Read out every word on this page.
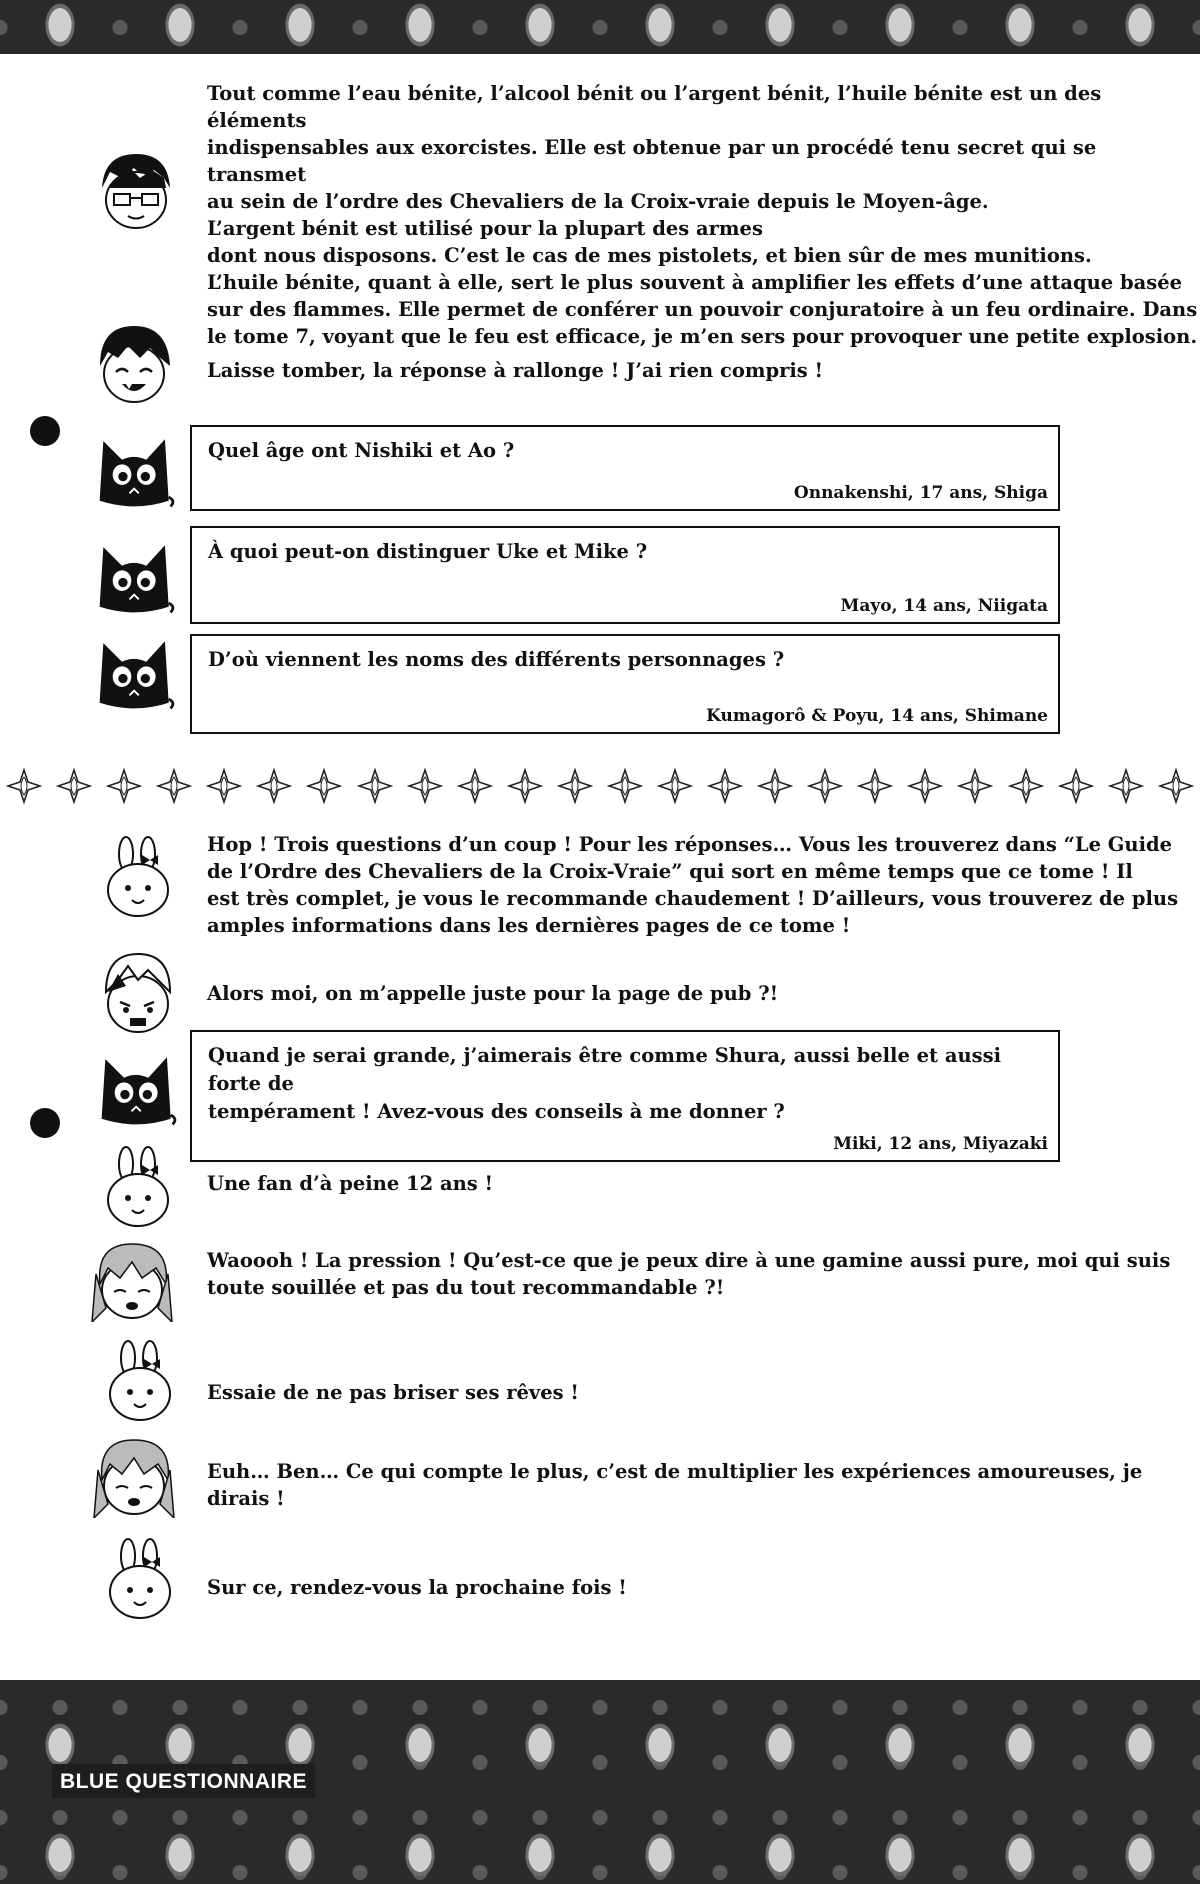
BLUE QUESTIONNAIRE
Tout comme l’eau bénite, l’alcool bénit ou l’argent bénit, l’huile bénite est un des éléments
indispensables aux exorcistes. Elle est obtenue par un procédé tenu secret qui se transmet
au sein de l’ordre des Chevaliers de la Croix-vraie depuis le Moyen-âge.
L’argent bénit est utilisé pour la plupart des armes
dont nous disposons. C’est le cas de mes pistolets, et bien sûr de mes munitions.
L’huile bénite, quant à elle, sert le plus souvent à amplifier les effets d’une attaque basée
sur des flammes. Elle permet de conférer un pouvoir conjuratoire à un feu ordinaire. Dans
le tome 7, voyant que le feu est efficace, je m’en sers pour provoquer une petite explosion.
Laisse tomber, la réponse à rallonge ! J’ai rien compris !
Quel âge ont Nishiki et Ao ?
Onnakenshi, 17 ans, Shiga
À quoi peut-on distinguer Uke et Mike ?
Mayo, 14 ans, Niigata
D’où viennent les noms des différents personnages ?
Kumagorô & Poyu, 14 ans, Shimane
Hop ! Trois questions d’un coup ! Pour les réponses… Vous les trouverez dans “Le Guide
de l’Ordre des Chevaliers de la Croix-Vraie” qui sort en même temps que ce tome ! Il
est très complet, je vous le recommande chaudement ! D’ailleurs, vous trouverez de plus
amples informations dans les dernières pages de ce tome !
Alors moi, on m’appelle juste pour la page de pub ?!
Quand je serai grande, j’aimerais être comme Shura, aussi belle et aussi forte de
tempérament ! Avez-vous des conseils à me donner ?
Miki, 12 ans, Miyazaki
Une fan d’à peine 12 ans !
Waoooh ! La pression ! Qu’est-ce que je peux dire à une gamine aussi pure, moi qui suis
toute souillée et pas du tout recommandable ?!
Essaie de ne pas briser ses rêves !
Euh… Ben… Ce qui compte le plus, c’est de multiplier les expériences amoureuses, je dirais !
Sur ce, rendez-vous la prochaine fois !
